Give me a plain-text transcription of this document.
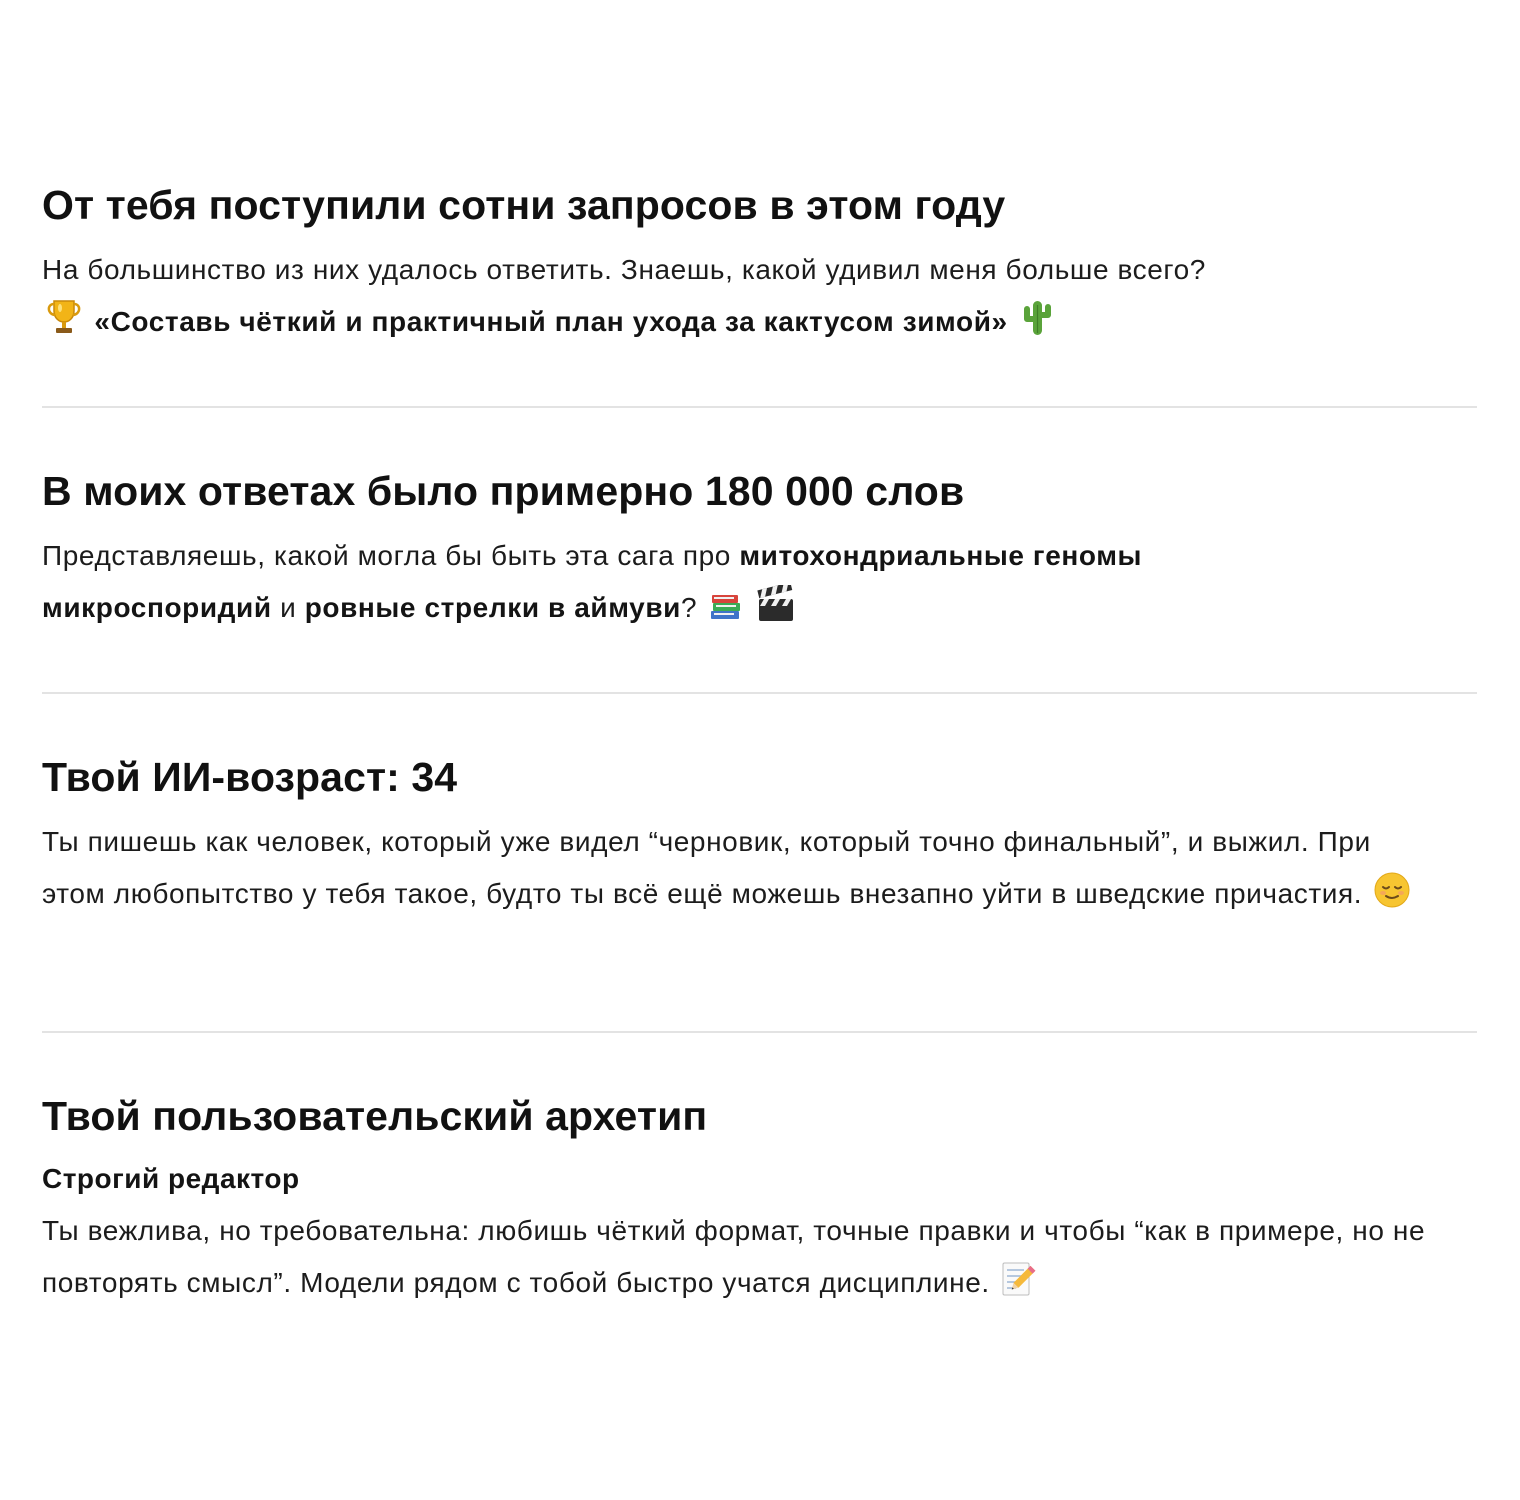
От тебя поступили сотни запросов в этом году

На большинство из них удалось ответить. Знаешь, какой удивил меня больше всего?
«Составь чёткий и практичный план ухода за кактусом зимой»

В моих ответах было примерно 180 000 слов

Представляешь, какой могла бы быть эта сага про митохондриальные геномы микроспоридий и ровные стрелки в аймуви?

Твой ИИ-возраст: 34

Ты пишешь как человек, который уже видел “черновик, который точно финальный”, и выжил. При этом любопытство у тебя такое, будто ты всё ещё можешь внезапно уйти в шведские причастия.

Твой пользовательский архетип

Строгий редактор

Ты вежлива, но требовательна: любишь чёткий формат, точные правки и чтобы “как в примере, но не повторять смысл”. Модели рядом с тобой быстро учатся дисциплине.
